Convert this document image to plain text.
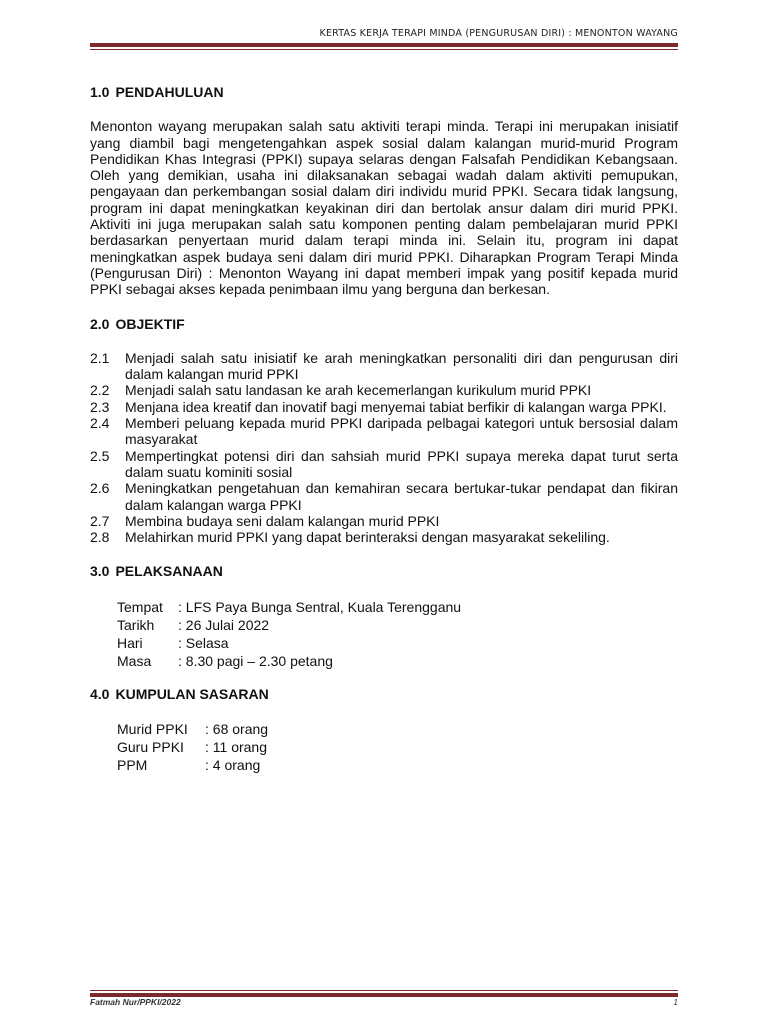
KERTAS KERJA TERAPI MINDA (PENGURUSAN DIRI) : MENONTON WAYANG
1.0 PENDAHULUAN

Menonton wayang merupakan salah satu aktiviti terapi minda. Terapi ini merupakan inisiatif yang diambil bagi mengetengahkan aspek sosial dalam kalangan murid-murid Program Pendidikan Khas Integrasi (PPKI) supaya selaras dengan Falsafah Pendidikan Kebangsaan. Oleh yang demikian, usaha ini dilaksanakan sebagai wadah dalam aktiviti pemupukan, pengayaan dan perkembangan sosial dalam diri individu murid PPKI. Secara tidak langsung, program ini dapat meningkatkan keyakinan diri dan bertolak ansur dalam diri murid PPKI. Aktiviti ini juga merupakan salah satu komponen penting dalam pembelajaran murid PPKI berdasarkan penyertaan murid dalam terapi minda ini. Selain itu, program ini dapat meningkatkan aspek budaya seni dalam diri murid PPKI. Diharapkan Program Terapi Minda (Pengurusan Diri) : Menonton Wayang ini dapat memberi impak yang positif kepada murid PPKI sebagai akses kepada penimbaan ilmu yang berguna dan berkesan.

2.0 OBJEKTIF
2.1	Menjadi salah satu inisiatif ke arah meningkatkan personaliti diri dan pengurusan diri dalam kalangan murid PPKI
2.2	Menjadi salah satu landasan ke arah kecemerlangan kurikulum murid PPKI
2.3	Menjana idea kreatif dan inovatif bagi menyemai tabiat berfikir di kalangan warga PPKI.
2.4	Memberi peluang kepada murid PPKI daripada pelbagai kategori untuk bersosial dalam masyarakat
2.5	Mempertingkat potensi diri dan sahsiah murid PPKI supaya mereka dapat turut serta dalam suatu kominiti sosial
2.6	Meningkatkan pengetahuan dan kemahiran secara bertukar-tukar pendapat dan fikiran dalam kalangan warga PPKI
2.7	Membina budaya seni dalam kalangan murid PPKI
2.8	Melahirkan murid PPKI yang dapat berinteraksi dengan masyarakat sekeliling.
3.0 PELAKSANAAN
Tempat	: LFS Paya Bunga Sentral, Kuala Terengganu
Tarikh	: 26 Julai 2022
Hari	: Selasa
Masa	: 8.30 pagi – 2.30 petang
4.0 KUMPULAN SASARAN
Murid PPKI	: 68 orang
Guru PPKI	: 11 orang
PPM	: 4 orang
Fatmah Nur/PPKI/2022	1
